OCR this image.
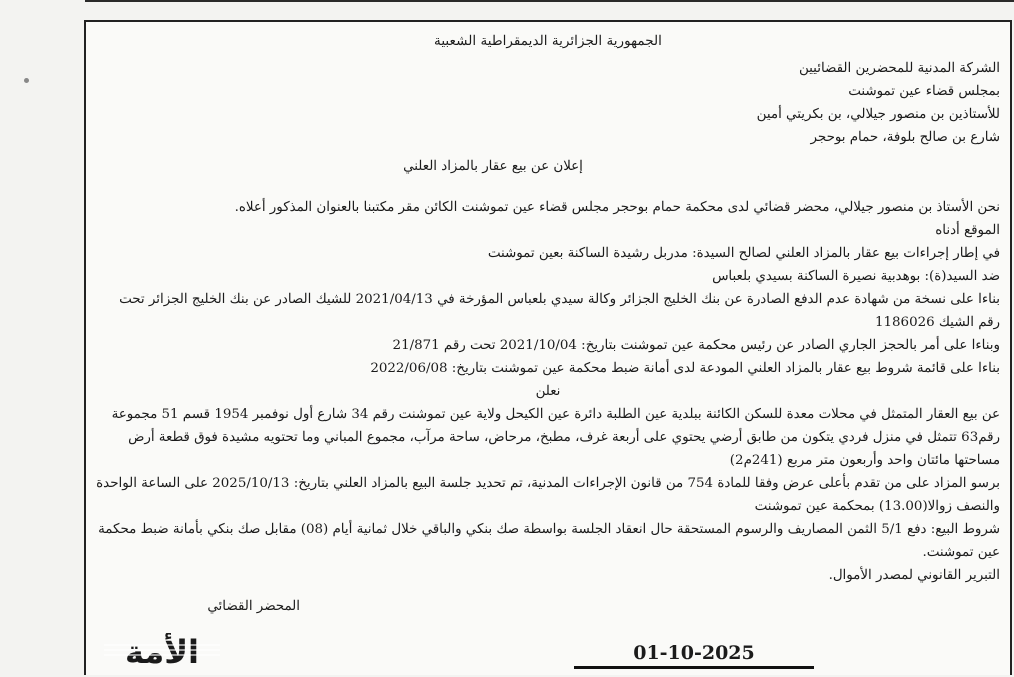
الجمهورية الجزائرية الديمقراطية الشعبية
الشركة المدنية للمحضرين القضائيين
بمجلس قضاء عين تموشنت
للأستاذين بن منصور جيلالي، بن بكريتي أمين
شارع بن صالح بلوفة، حمام بوحجر
إعلان عن بيع عقار بالمزاد العلني
نحن الأستاذ بن منصور جيلالي، محضر قضائي لدى محكمة حمام بوحجر مجلس قضاء عين تموشنت الكائن مقر مكتبنا بالعنوان المذكور أعلاه.
الموقع أدناه
في إطار إجراءات بيع عقار بالمزاد العلني لصالح السيدة: مدربل رشيدة الساكنة بعين تموشنت
ضد السيد(ة): بوهدبية نصيرة الساكنة بسيدي بلعباس
بناءا على نسخة من شهادة عدم الدفع الصادرة عن بنك الخليج الجزائر وكالة سيدي بلعباس المؤرخة في 2021/04/13 للشيك الصادر عن بنك الخليج الجزائر تحت رقم الشيك 1186026
وبناءا على أمر بالحجز الجاري الصادر عن رئيس محكمة عين تموشنت بتاريخ: 2021/10/04 تحت رقم 21/871
بناءا على قائمة شروط بيع عقار بالمزاد العلني المودعة لدى أمانة ضبط محكمة عين تموشنت بتاريخ: 2022/06/08
نعلن
عن بيع العقار المتمثل في محلات معدة للسكن الكائنة ببلدية عين الطلبة دائرة عين الكيحل ولاية عين تموشنت رقم 34 شارع أول نوفمبر 1954 قسم 51 مجموعة رقم63 تتمثل في منزل فردي يتكون من طابق أرضي يحتوي على أربعة غرف، مطبخ، مرحاض، ساحة مرآب، مجموع المباني وما تحتويه مشيدة فوق قطعة أرض مساحتها مائتان واحد وأربعون متر مربع (241م2)
برسو المزاد على من تقدم بأعلى عرض وفقا للمادة 754 من قانون الإجراءات المدنية، تم تحديد جلسة البيع بالمزاد العلني بتاريخ: 2025/10/13 على الساعة الواحدة والنصف زوالا(13.00) بمحكمة عين تموشنت
شروط البيع: دفع 5/1 الثمن المصاريف والرسوم المستحقة حال انعقاد الجلسة بواسطة صك بنكي والباقي خلال ثمانية أيام (08) مقابل صك بنكي بأمانة ضبط محكمة عين تموشنت.
التبرير القانوني لمصدر الأموال.
المحضر القضائي
الأمة	01-10-2025
